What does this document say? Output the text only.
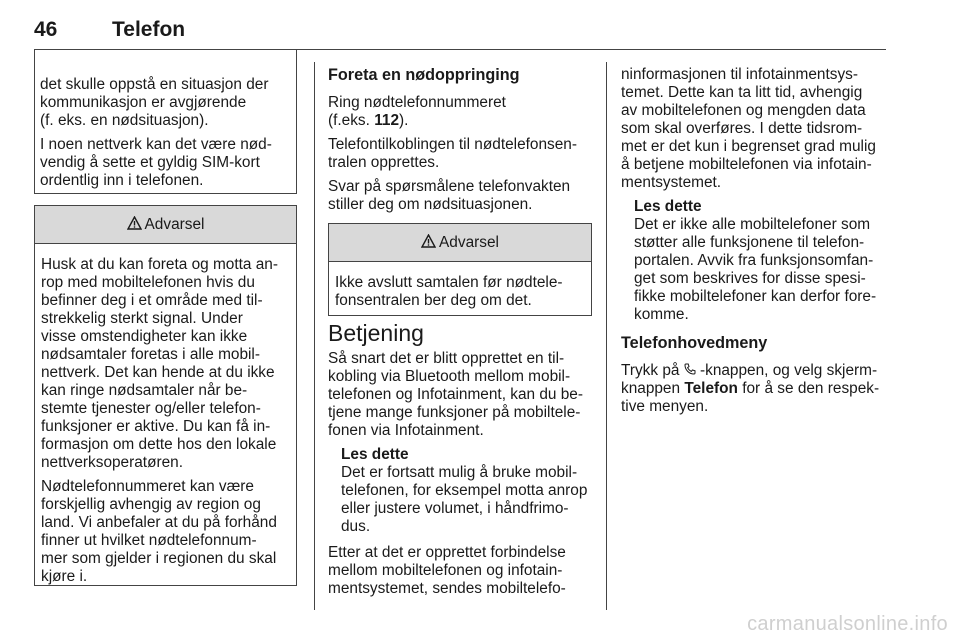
46	Telefon

det skulle oppstå en situasjon der
kommunikasjon er avgjørende
(f. eks. en nødsituasjon).

I noen nettverk kan det være nød-
vendig å sette et gyldig SIM-kort
ordentlig inn i telefonen.

Advarsel

Husk at du kan foreta og motta an-
rop med mobiltelefonen hvis du
befinner deg i et område med til-
strekkelig sterkt signal. Under
visse omstendigheter kan ikke
nødsamtaler foretas i alle mobil-
nettverk. Det kan hende at du ikke
kan ringe nødsamtaler når be-
stemte tjenester og/eller telefon-
funksjoner er aktive. Du kan få in-
formasjon om dette hos den lokale
nettverksoperatøren.

Nødtelefonnummeret kan være
forskjellig avhengig av region og
land. Vi anbefaler at du på forhånd
finner ut hvilket nødtelefonnum-
mer som gjelder i regionen du skal
kjøre i.

Foreta en nødoppringing

Ring nødtelefonnummeret
(f.eks. 112).

Telefontilkoblingen til nødtelefonsen-
tralen opprettes.

Svar på spørsmålene telefonvakten
stiller deg om nødsituasjonen.

Advarsel
Ikke avslutt samtalen før nødtele-
fonsentralen ber deg om det.
Betjening

Så snart det er blitt opprettet en til-
kobling via Bluetooth mellom mobil-
telefonen og Infotainment, kan du be-
tjene mange funksjoner på mobiltele-
fonen via Infotainment.

Les dette
Det er fortsatt mulig å bruke mobil-
telefonen, for eksempel motta anrop
eller justere volumet, i håndfrimo-
dus.

Etter at det er opprettet forbindelse
mellom mobiltelefonen og infotain-
mentsystemet, sendes mobiltelefo-

ninformasjonen til infotainmentsys-
temet. Dette kan ta litt tid, avhengig
av mobiltelefonen og mengden data
som skal overføres. I dette tidsrom-
met er det kun i begrenset grad mulig
å betjene mobiltelefonen via infotain-
mentsystemet.

Les dette
Det er ikke alle mobiltelefoner som
støtter alle funksjonene til telefon-
portalen. Avvik fra funksjonsomfan-
get som beskrives for disse spesi-
fikke mobiltelefoner kan derfor fore-
komme.
Telefonhovedmeny

Trykk på  -knappen, og velg skjerm-
knappen Telefon for å se den respek-
tive menyen.

carmanualsonline.info
